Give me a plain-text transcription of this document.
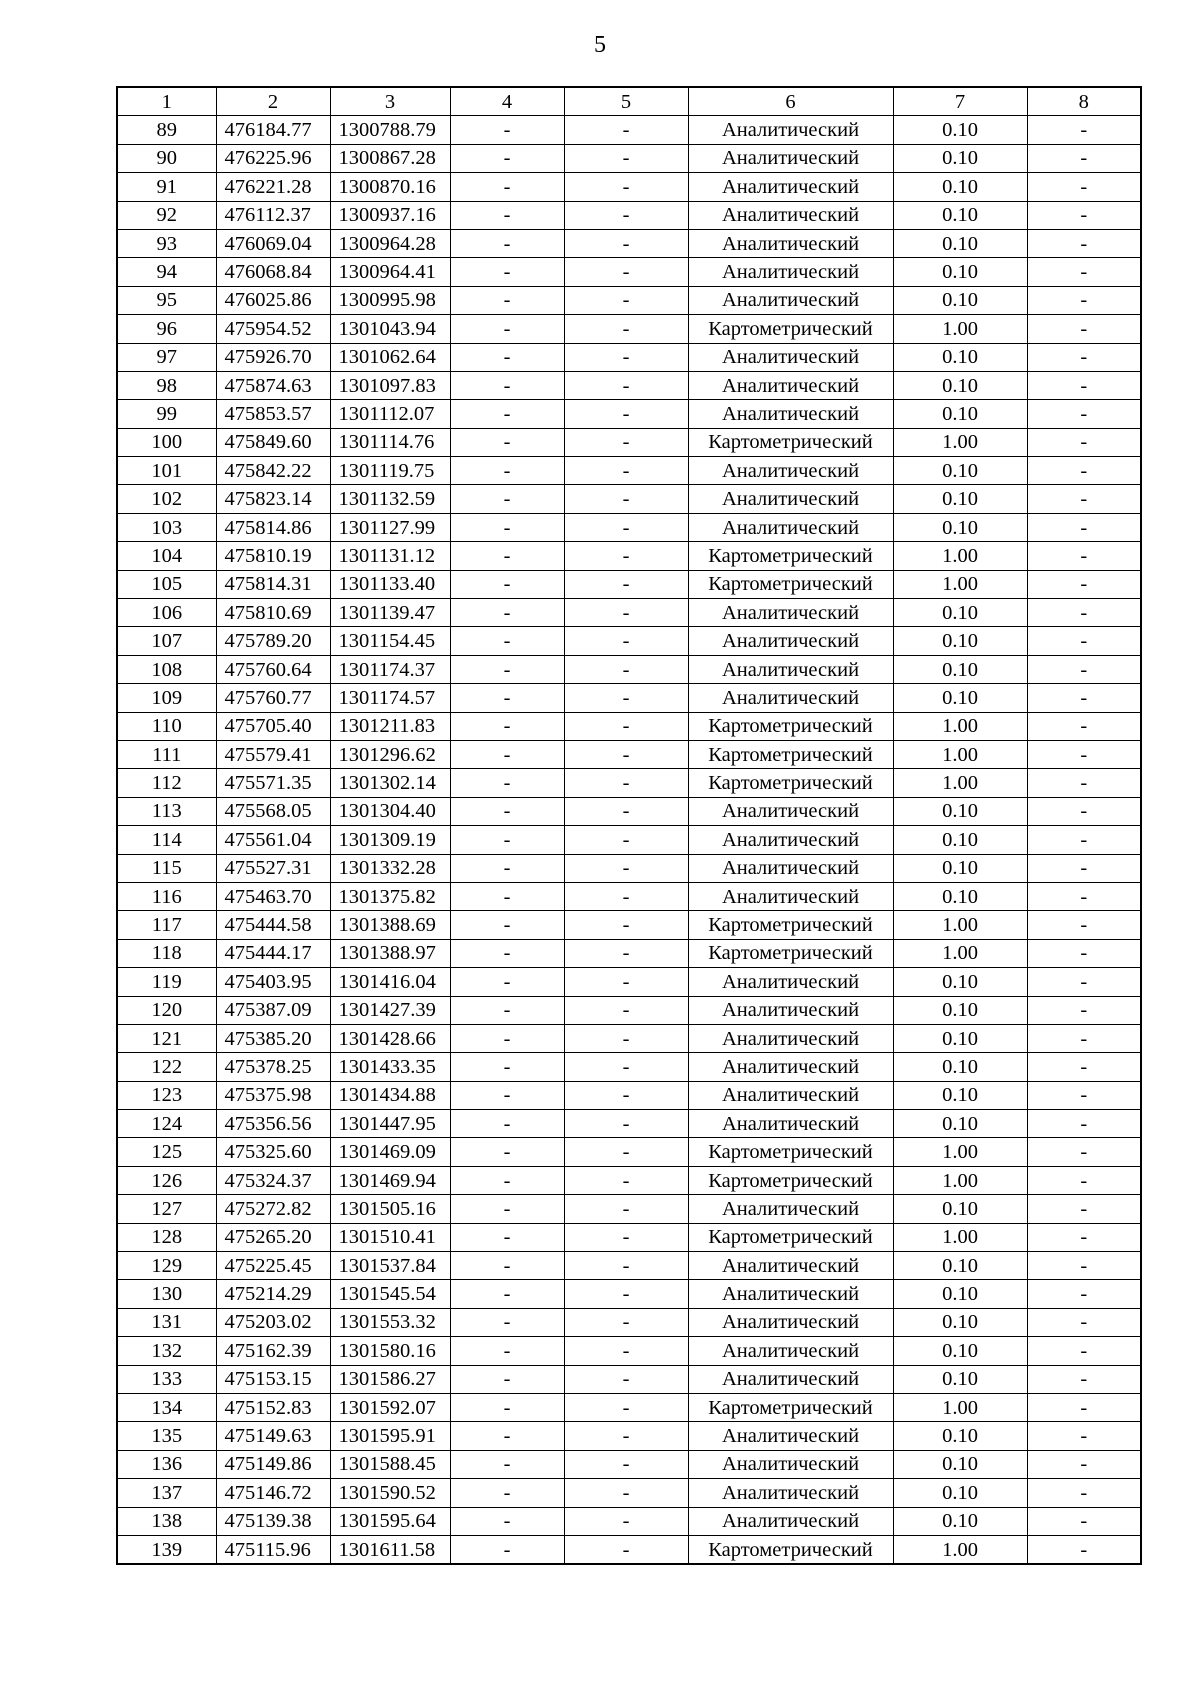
5
1	2	3	4	5	6	7	8
89	476184.77	1300788.79	-	-	Аналитический	0.10	-
90	476225.96	1300867.28	-	-	Аналитический	0.10	-
91	476221.28	1300870.16	-	-	Аналитический	0.10	-
92	476112.37	1300937.16	-	-	Аналитический	0.10	-
93	476069.04	1300964.28	-	-	Аналитический	0.10	-
94	476068.84	1300964.41	-	-	Аналитический	0.10	-
95	476025.86	1300995.98	-	-	Аналитический	0.10	-
96	475954.52	1301043.94	-	-	Картометрический	1.00	-
97	475926.70	1301062.64	-	-	Аналитический	0.10	-
98	475874.63	1301097.83	-	-	Аналитический	0.10	-
99	475853.57	1301112.07	-	-	Аналитический	0.10	-
100	475849.60	1301114.76	-	-	Картометрический	1.00	-
101	475842.22	1301119.75	-	-	Аналитический	0.10	-
102	475823.14	1301132.59	-	-	Аналитический	0.10	-
103	475814.86	1301127.99	-	-	Аналитический	0.10	-
104	475810.19	1301131.12	-	-	Картометрический	1.00	-
105	475814.31	1301133.40	-	-	Картометрический	1.00	-
106	475810.69	1301139.47	-	-	Аналитический	0.10	-
107	475789.20	1301154.45	-	-	Аналитический	0.10	-
108	475760.64	1301174.37	-	-	Аналитический	0.10	-
109	475760.77	1301174.57	-	-	Аналитический	0.10	-
110	475705.40	1301211.83	-	-	Картометрический	1.00	-
111	475579.41	1301296.62	-	-	Картометрический	1.00	-
112	475571.35	1301302.14	-	-	Картометрический	1.00	-
113	475568.05	1301304.40	-	-	Аналитический	0.10	-
114	475561.04	1301309.19	-	-	Аналитический	0.10	-
115	475527.31	1301332.28	-	-	Аналитический	0.10	-
116	475463.70	1301375.82	-	-	Аналитический	0.10	-
117	475444.58	1301388.69	-	-	Картометрический	1.00	-
118	475444.17	1301388.97	-	-	Картометрический	1.00	-
119	475403.95	1301416.04	-	-	Аналитический	0.10	-
120	475387.09	1301427.39	-	-	Аналитический	0.10	-
121	475385.20	1301428.66	-	-	Аналитический	0.10	-
122	475378.25	1301433.35	-	-	Аналитический	0.10	-
123	475375.98	1301434.88	-	-	Аналитический	0.10	-
124	475356.56	1301447.95	-	-	Аналитический	0.10	-
125	475325.60	1301469.09	-	-	Картометрический	1.00	-
126	475324.37	1301469.94	-	-	Картометрический	1.00	-
127	475272.82	1301505.16	-	-	Аналитический	0.10	-
128	475265.20	1301510.41	-	-	Картометрический	1.00	-
129	475225.45	1301537.84	-	-	Аналитический	0.10	-
130	475214.29	1301545.54	-	-	Аналитический	0.10	-
131	475203.02	1301553.32	-	-	Аналитический	0.10	-
132	475162.39	1301580.16	-	-	Аналитический	0.10	-
133	475153.15	1301586.27	-	-	Аналитический	0.10	-
134	475152.83	1301592.07	-	-	Картометрический	1.00	-
135	475149.63	1301595.91	-	-	Аналитический	0.10	-
136	475149.86	1301588.45	-	-	Аналитический	0.10	-
137	475146.72	1301590.52	-	-	Аналитический	0.10	-
138	475139.38	1301595.64	-	-	Аналитический	0.10	-
139	475115.96	1301611.58	-	-	Картометрический	1.00	-
